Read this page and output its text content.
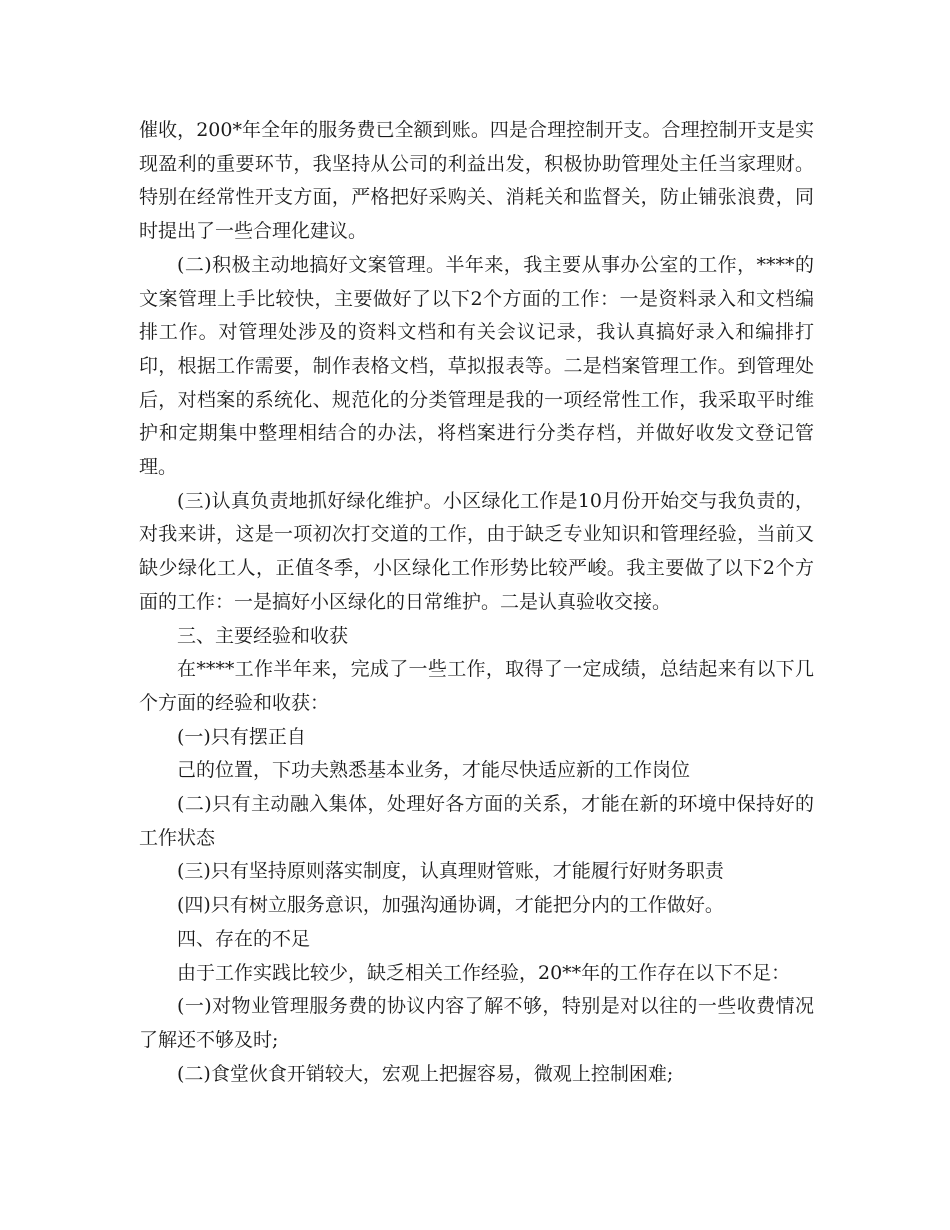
催收，200*年全年的服务费已全额到账。四是合理控制开支。合理控制开支是实现盈利的重要环节，我坚持从公司的利益出发，积极协助管理处主任当家理财。特别在经常性开支方面，严格把好采购关、消耗关和监督关，防止铺张浪费，同时提出了一些合理化建议。

(二)积极主动地搞好文案管理。半年来，我主要从事办公室的工作，****的文案管理上手比较快，主要做好了以下2个方面的工作：一是资料录入和文档编排工作。对管理处涉及的资料文档和有关会议记录，我认真搞好录入和编排打印，根据工作需要，制作表格文档，草拟报表等。二是档案管理工作。到管理处后，对档案的系统化、规范化的分类管理是我的一项经常性工作，我采取平时维护和定期集中整理相结合的办法，将档案进行分类存档，并做好收发文登记管理。

(三)认真负责地抓好绿化维护。小区绿化工作是10月份开始交与我负责的，对我来讲，这是一项初次打交道的工作，由于缺乏专业知识和管理经验，当前又缺少绿化工人，正值冬季，小区绿化工作形势比较严峻。我主要做了以下2个方面的工作：一是搞好小区绿化的日常维护。二是认真验收交接。

三、主要经验和收获

在****工作半年来，完成了一些工作，取得了一定成绩，总结起来有以下几个方面的经验和收获：

(一)只有摆正自

己的位置，下功夫熟悉基本业务，才能尽快适应新的工作岗位

(二)只有主动融入集体，处理好各方面的关系，才能在新的环境中保持好的工作状态

(三)只有坚持原则落实制度，认真理财管账，才能履行好财务职责

(四)只有树立服务意识，加强沟通协调，才能把分内的工作做好。

四、存在的不足

由于工作实践比较少，缺乏相关工作经验，20**年的工作存在以下不足：

(一)对物业管理服务费的协议内容了解不够，特别是对以往的一些收费情况了解还不够及时;

(二)食堂伙食开销较大，宏观上把握容易，微观上控制困难;
